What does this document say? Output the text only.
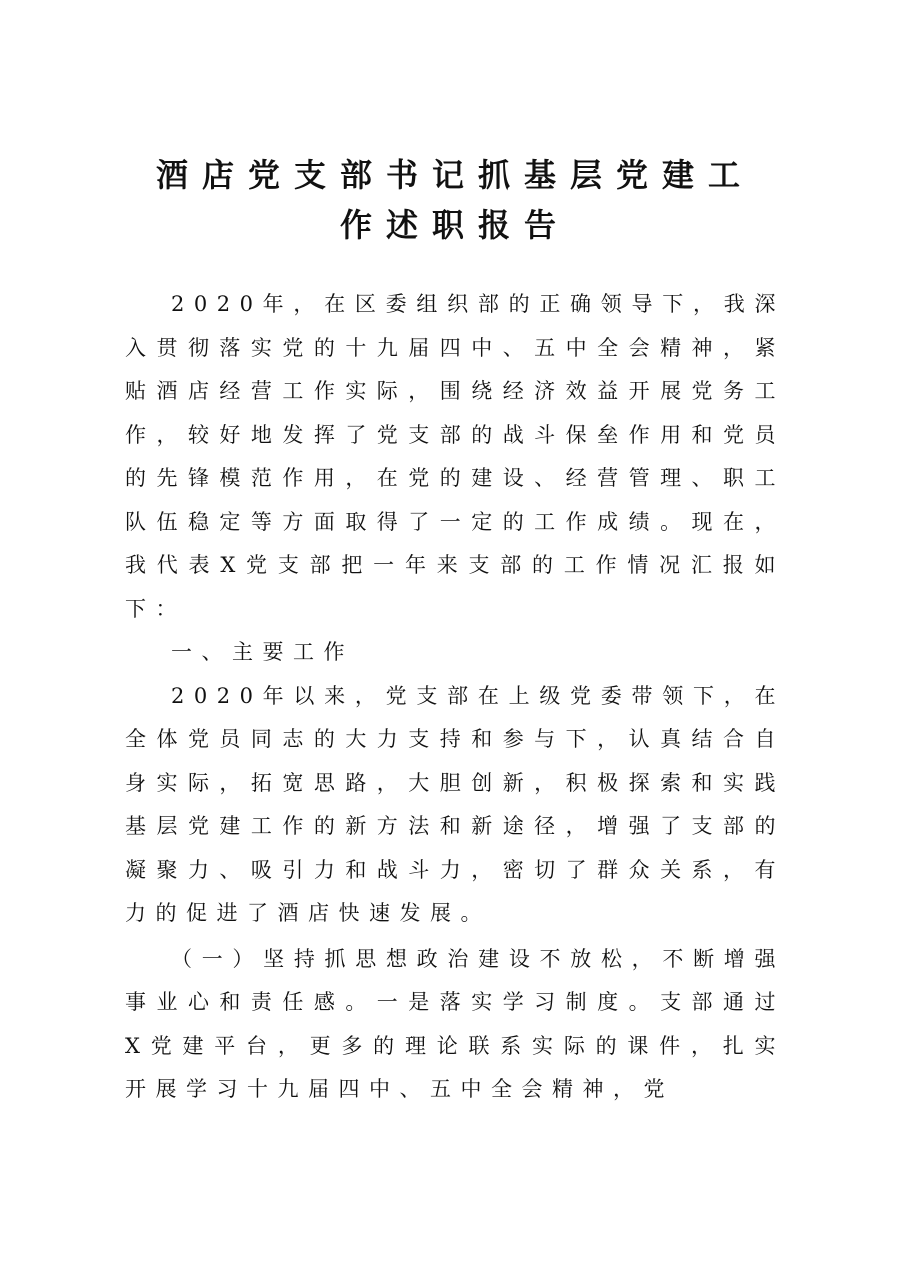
酒店党支部书记抓基层党建工
作述职报告

2020年，在区委组织部的正确领导下，我深入贯彻落实党的十九届四中、五中全会精神，紧贴酒店经营工作实际，围绕经济效益开展党务工作，较好地发挥了党支部的战斗保垒作用和党员的先锋模范作用，在党的建设、经营管理、职工队伍稳定等方面取得了一定的工作成绩。现在，我代表X党支部把一年来支部的工作情况汇报如下：

一、主要工作

2020年以来，党支部在上级党委带领下，在全体党员同志的大力支持和参与下，认真结合自身实际，拓宽思路，大胆创新，积极探索和实践基层党建工作的新方法和新途径，增强了支部的凝聚力、吸引力和战斗力，密切了群众关系，有力的促进了酒店快速发展。

（一）坚持抓思想政治建设不放松，不断增强事业心和责任感。一是落实学习制度。支部通过X党建平台，更多的理论联系实际的课件，扎实开展学习十九届四中、五中全会精神，党
